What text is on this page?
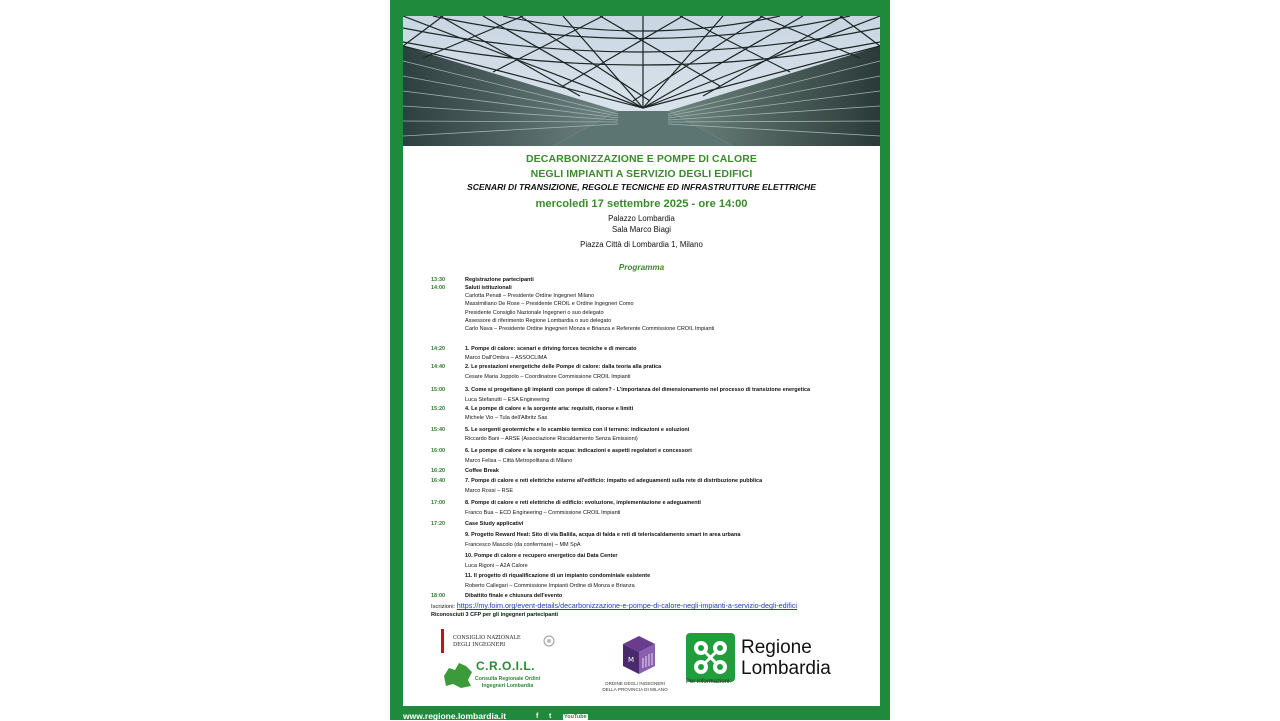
DECARBONIZZAZIONE E POMPE DI CALORE
NEGLI IMPIANTI A SERVIZIO DEGLI EDIFICI
SCENARI DI TRANSIZIONE, REGOLE TECNICHE ED INFRASTRUTTURE ELETTRICHE
mercoledì 17 settembre 2025 - ore 14:00
Palazzo Lombardia
Sala Marco Biagi
Piazza Città di Lombardia 1, Milano
Programma
13:30	Registrazione partecipanti
14:00	Saluti istituzionali
Carlotta Penati – Presidente Ordine Ingegneri Milano
Massimiliano De Rose – Presidente CROIL e Ordine Ingegneri Como
Presidente Consiglio Nazionale Ingegneri o suo delegato
Assessore di riferimento Regione Lombardia o suo delegato
Carlo Nava – Presidente Ordine Ingegneri Monza e Brianza e Referente Commissione CROIL Impianti
14:20	1. Pompe di calore: scenari e driving forces tecniche e di mercato
Marco Dall'Ombra – ASSOCLIMA
14:40	2. Le prestazioni energetiche delle Pompe di calore: dalla teoria alla pratica
Cesare Maria Joppolo – Coordinatore Commissione CROIL Impianti
15:00	3. Come si progettano gli impianti con pompe di calore? - L'importanza del dimensionamento nel processo di transizione energetica
Luca Stefanutti – ESA Engineering
15:20	4. Le pompe di calore e la sorgente aria: requisiti, risorse e limiti
Michele Vio – Tula dell'Albritz Sas
15:40	5. Le sorgenti geotermiche e lo scambio termico con il terreno: indicazioni e soluzioni
Riccardo Bani – ARSE (Associazione Riscaldamento Senza Emissioni)
16:00	6. Le pompe di calore e la sorgente acqua: indicazioni e aspetti regolatori e concessori
Marco Felisa – Città Metropolitana di Milano
16:20	Coffee Break
16:40	7. Pompe di calore e reti elettriche esterne all'edificio: impatto ed adeguamenti sulla rete di distribuzione pubblica
Marco Rossi – RSE
17:00	8. Pompe di calore e reti elettriche di edificio: evoluzione, implementazione e adeguamenti
Franco Bua – ECD Engineering – Commissione CROIL Impianti
17:20	Case Study applicativi
9. Progetto Reward Heat: Sito di via Baliila, acqua di falda e reti di teleriscaldamento smart in area urbana
Francesco Mascolo (da confermare) – MM SpA
10. Pompe di calore e recupero energetico dai Data Center
Luca Rigoni – A2A Calore
11. Il progetto di riqualificazione di un impianto condominiale esistente
Roberto Callegari – Commissione Impianti Ordine di Monza e Brianza
18:00	Dibattito finale e chiusura dell'evento
Iscrizioni: https://my.foim.org/event-details/decarbonizzazione-e-pompe-di-calore-negli-impianti-a-servizio-degli-edifici
Riconosciuti 3 CFP per gli ingegneri partecipanti
CONSIGLIO NAZIONALE
DEGLI INGEGNERI
C.R.O.I.L.
Consulta Regionale Ordini
Ingegneri Lombardia
M
ORDINE DEGLI INGEGNERI
DELLA PROVINCIA DI MILANO
Regione
Lombardia
Per informazioni:
www.regione.lombardia.it	f t YouTube
